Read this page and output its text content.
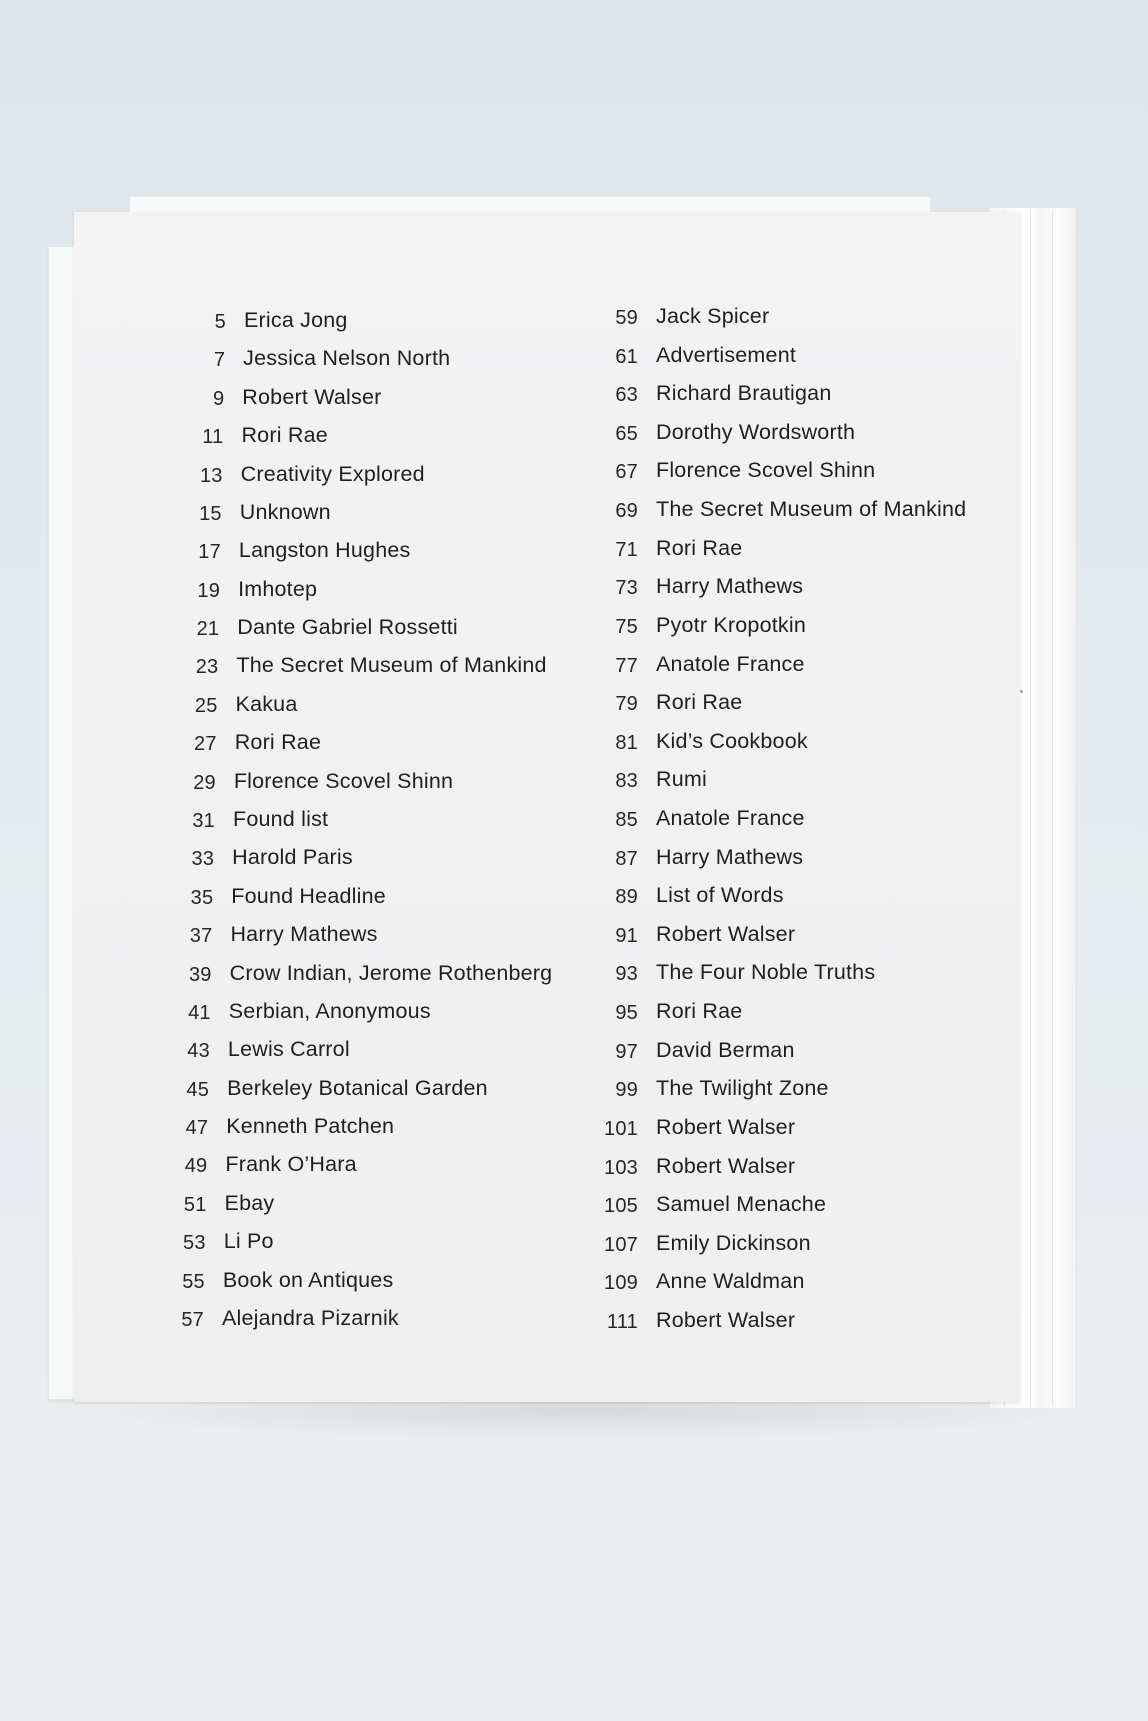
5 Erica Jong
7 Jessica Nelson North
9 Robert Walser
11 Rori Rae
13 Creativity Explored
15 Unknown
17 Langston Hughes
19 Imhotep
21 Dante Gabriel Rossetti
23 The Secret Museum of Mankind
25 Kakua
27 Rori Rae
29 Florence Scovel Shinn
31 Found list
33 Harold Paris
35 Found Headline
37 Harry Mathews
39 Crow Indian, Jerome Rothenberg
41 Serbian, Anonymous
43 Lewis Carrol
45 Berkeley Botanical Garden
47 Kenneth Patchen
49 Frank O’Hara
51 Ebay
53 Li Po
55 Book on Antiques
57 Alejandra Pizarnik
59 Jack Spicer
61 Advertisement
63 Richard Brautigan
65 Dorothy Wordsworth
67 Florence Scovel Shinn
69 The Secret Museum of Mankind
71 Rori Rae
73 Harry Mathews
75 Pyotr Kropotkin
77 Anatole France
79 Rori Rae
81 Kid’s Cookbook
83 Rumi
85 Anatole France
87 Harry Mathews
89 List of Words
91 Robert Walser
93 The Four Noble Truths
95 Rori Rae
97 David Berman
99 The Twilight Zone
101 Robert Walser
103 Robert Walser
105 Samuel Menache
107 Emily Dickinson
109 Anne Waldman
111 Robert Walser
